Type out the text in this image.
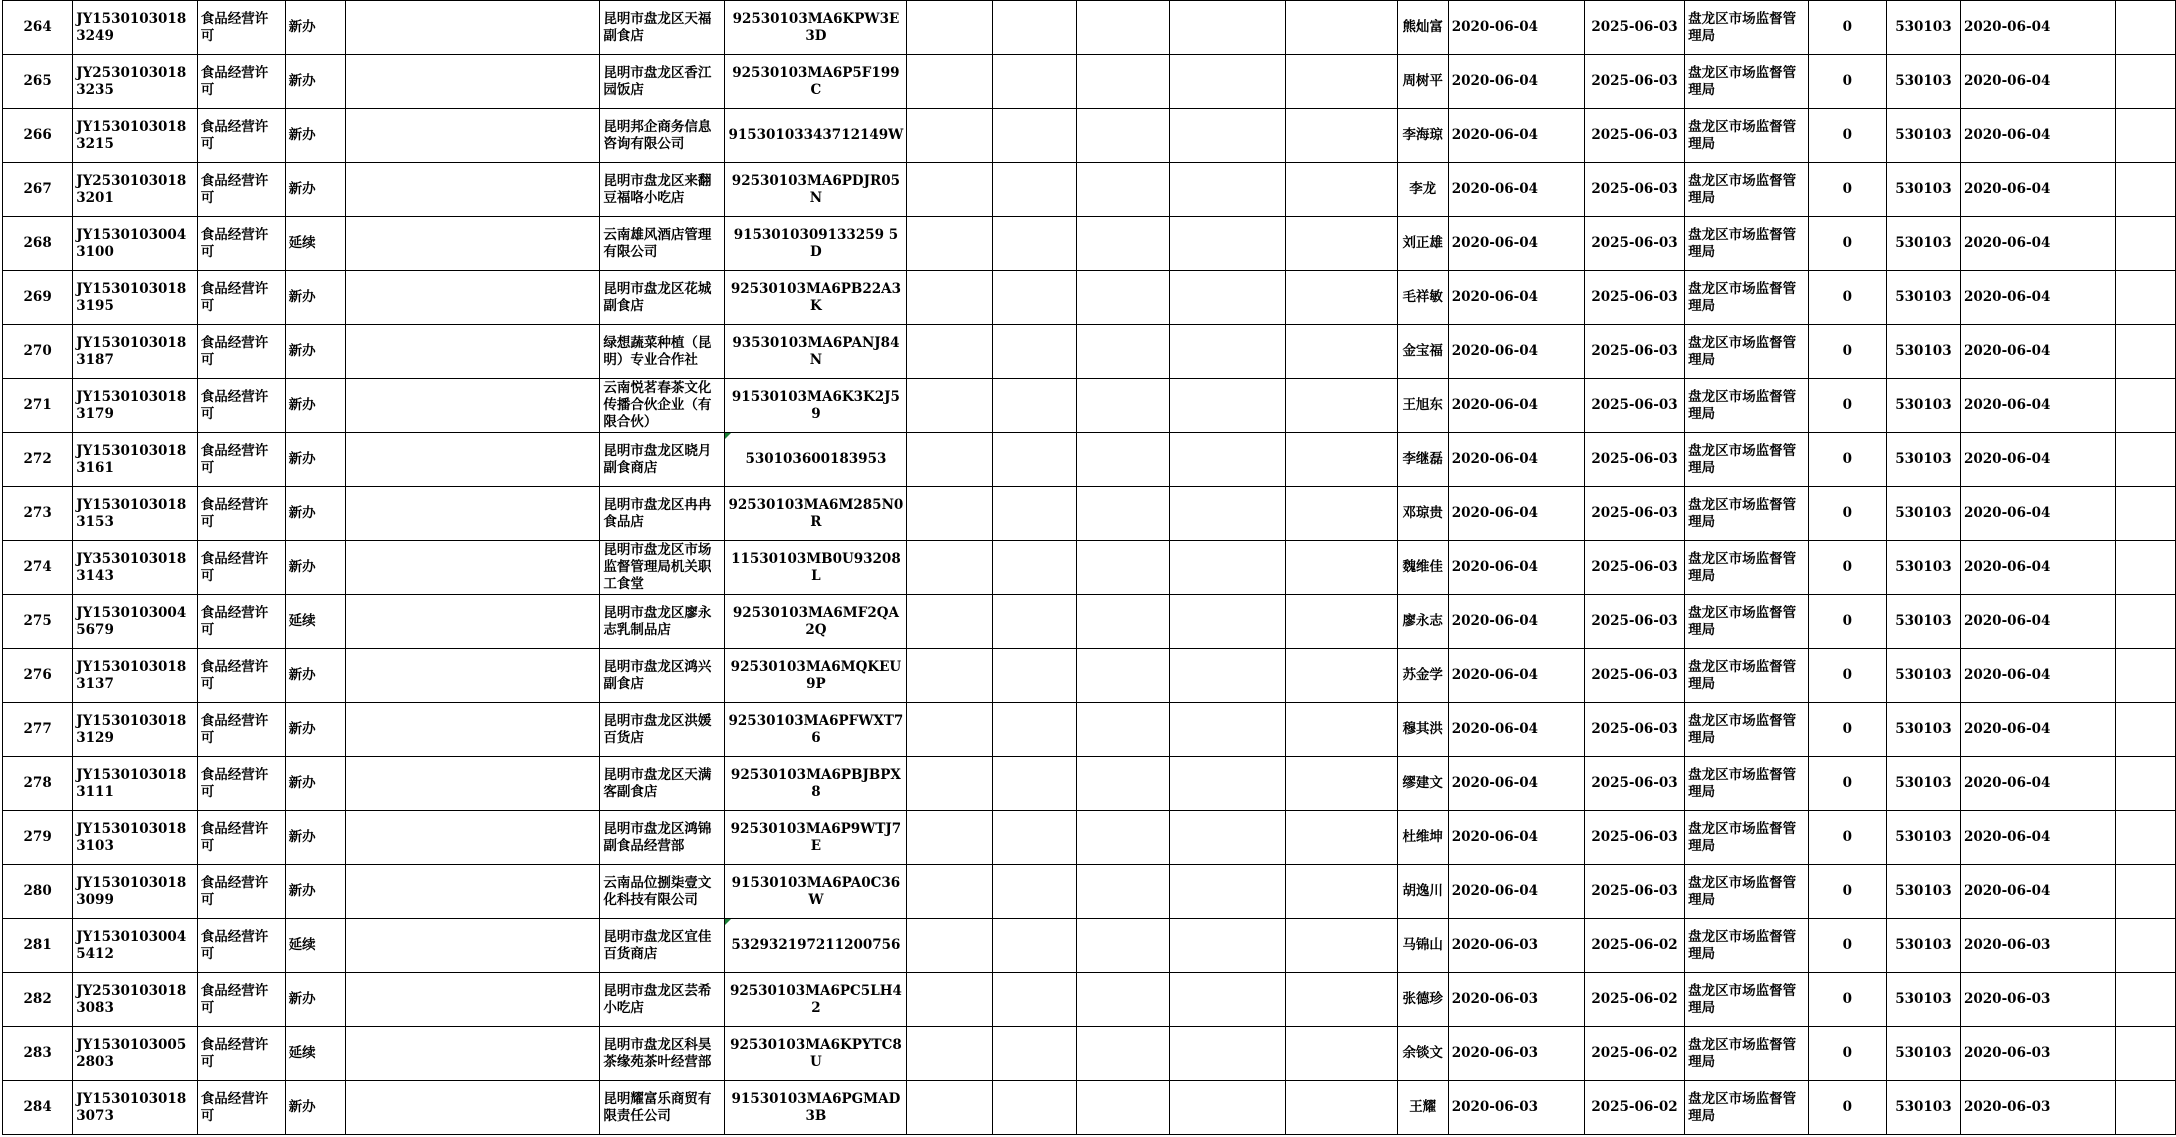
264	JY15301030183249	食品经营许可	新办		昆明市盘龙区天福副食店	92530103MA6KPW3E3D						熊灿富	2020-06-04	2025-06-03	盘龙区市场监督管理局	0	530103	2020-06-04	
265	JY25301030183235	食品经营许可	新办		昆明市盘龙区香江园饭店	92530103MA6P5F199C						周树平	2020-06-04	2025-06-03	盘龙区市场监督管理局	0	530103	2020-06-04	
266	JY15301030183215	食品经营许可	新办		昆明邦企商务信息咨询有限公司	91530103343712149W						李海琼	2020-06-04	2025-06-03	盘龙区市场监督管理局	0	530103	2020-06-04	
267	JY25301030183201	食品经营许可	新办		昆明市盘龙区来翻豆福咯小吃店	92530103MA6PDJR05N						李龙	2020-06-04	2025-06-03	盘龙区市场监督管理局	0	530103	2020-06-04	
268	JY15301030043100	食品经营许可	延续		云南雄风酒店管理有限公司	9153010309133259 5D						刘正雄	2020-06-04	2025-06-03	盘龙区市场监督管理局	0	530103	2020-06-04	
269	JY15301030183195	食品经营许可	新办		昆明市盘龙区花城副食店	92530103MA6PB22A3K						毛祥敏	2020-06-04	2025-06-03	盘龙区市场监督管理局	0	530103	2020-06-04	
270	JY15301030183187	食品经营许可	新办		绿想蔬菜种植（昆明）专业合作社	93530103MA6PANJ84N						金宝福	2020-06-04	2025-06-03	盘龙区市场监督管理局	0	530103	2020-06-04	
271	JY15301030183179	食品经营许可	新办		云南悦茗春茶文化传播合伙企业（有限合伙）	91530103MA6K3K2J59						王旭东	2020-06-04	2025-06-03	盘龙区市场监督管理局	0	530103	2020-06-04	
272	JY15301030183161	食品经营许可	新办		昆明市盘龙区晓月副食商店	530103600183953						李继磊	2020-06-04	2025-06-03	盘龙区市场监督管理局	0	530103	2020-06-04	
273	JY15301030183153	食品经营许可	新办		昆明市盘龙区冉冉食品店	92530103MA6M285N0R						邓琼贵	2020-06-04	2025-06-03	盘龙区市场监督管理局	0	530103	2020-06-04	
274	JY35301030183143	食品经营许可	新办		昆明市盘龙区市场监督管理局机关职工食堂	11530103MB0U93208L						魏维佳	2020-06-04	2025-06-03	盘龙区市场监督管理局	0	530103	2020-06-04	
275	JY15301030045679	食品经营许可	延续		昆明市盘龙区廖永志乳制品店	92530103MA6MF2QA2Q						廖永志	2020-06-04	2025-06-03	盘龙区市场监督管理局	0	530103	2020-06-04	
276	JY15301030183137	食品经营许可	新办		昆明市盘龙区鸿兴副食店	92530103MA6MQKEU9P						苏金学	2020-06-04	2025-06-03	盘龙区市场监督管理局	0	530103	2020-06-04	
277	JY15301030183129	食品经营许可	新办		昆明市盘龙区洪媛百货店	92530103MA6PFWXT76						穆其洪	2020-06-04	2025-06-03	盘龙区市场监督管理局	0	530103	2020-06-04	
278	JY15301030183111	食品经营许可	新办		昆明市盘龙区天满客副食店	92530103MA6PBJBPX8						缪建文	2020-06-04	2025-06-03	盘龙区市场监督管理局	0	530103	2020-06-04	
279	JY15301030183103	食品经营许可	新办		昆明市盘龙区鸿锦副食品经营部	92530103MA6P9WTJ7E						杜维坤	2020-06-04	2025-06-03	盘龙区市场监督管理局	0	530103	2020-06-04	
280	JY15301030183099	食品经营许可	新办		云南品位捌柒壹文化科技有限公司	91530103MA6PA0C36W						胡逸川	2020-06-04	2025-06-03	盘龙区市场监督管理局	0	530103	2020-06-04	
281	JY15301030045412	食品经营许可	延续		昆明市盘龙区宜佳百货商店	532932197211200756						马锦山	2020-06-03	2025-06-02	盘龙区市场监督管理局	0	530103	2020-06-03	
282	JY25301030183083	食品经营许可	新办		昆明市盘龙区芸希小吃店	92530103MA6PC5LH42						张德珍	2020-06-03	2025-06-02	盘龙区市场监督管理局	0	530103	2020-06-03	
283	JY15301030052803	食品经营许可	延续		昆明市盘龙区科昊茶缘苑茶叶经营部	92530103MA6KPYTC8U						余锬文	2020-06-03	2025-06-02	盘龙区市场监督管理局	0	530103	2020-06-03	
284	JY15301030183073	食品经营许可	新办		昆明耀富乐商贸有限责任公司	91530103MA6PGMAD3B						王耀	2020-06-03	2025-06-02	盘龙区市场监督管理局	0	530103	2020-06-03	
